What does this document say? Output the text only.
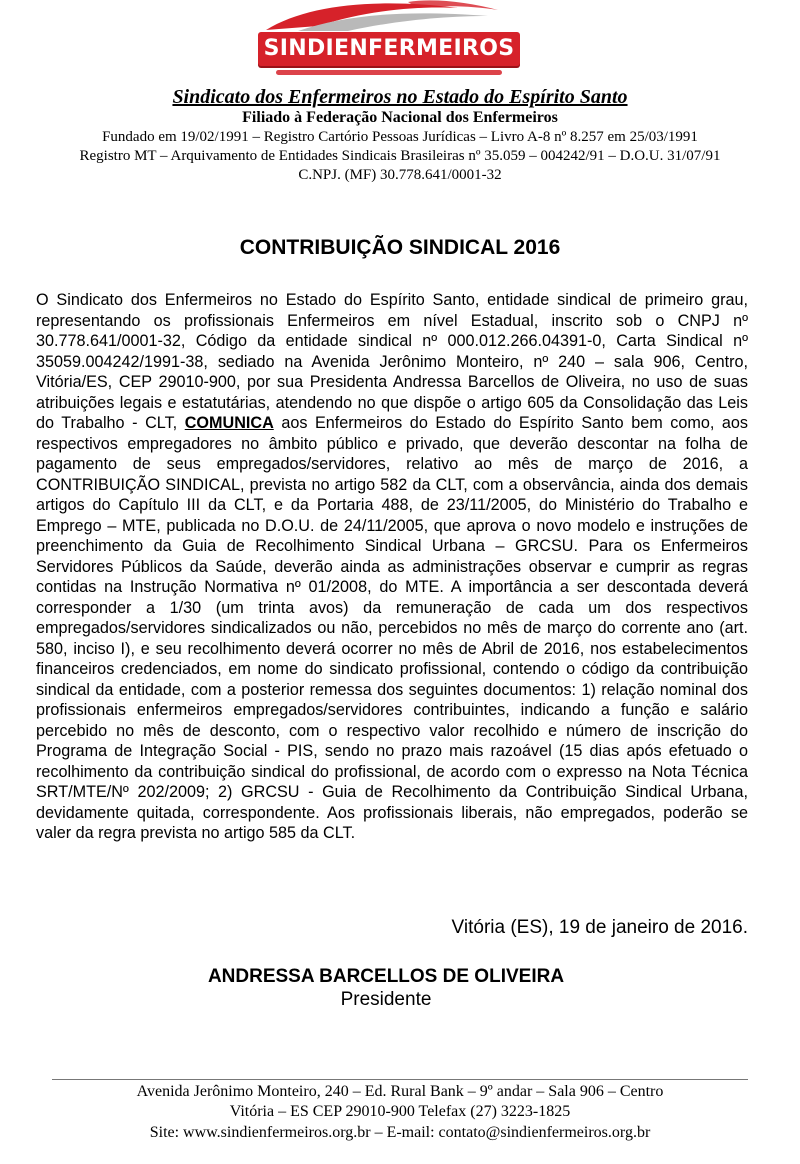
SINDIENFERMEIROS
Sindicato dos Enfermeiros no Estado do Espírito Santo
Filiado à Federação Nacional dos Enfermeiros
Fundado em 19/02/1991 – Registro Cartório Pessoas Jurídicas – Livro A-8 nº 8.257 em 25/03/1991
Registro MT – Arquivamento de Entidades Sindicais Brasileiras nº 35.059 – 004242/91 – D.O.U. 31/07/91
C.NPJ. (MF) 30.778.641/0001-32
CONTRIBUIÇÃO SINDICAL 2016
O Sindicato dos Enfermeiros no Estado do Espírito Santo, entidade sindical de primeiro grau, representando os profissionais Enfermeiros em nível Estadual, inscrito sob o CNPJ nº 30.778.641/0001-32, Código da entidade sindical nº 000.012.266.04391-0, Carta Sindical nº 35059.004242/1991-38, sediado na Avenida Jerônimo Monteiro, nº 240 – sala 906, Centro, Vitória/ES, CEP 29010-900, por sua Presidenta Andressa Barcellos de Oliveira, no uso de suas atribuições legais e estatutárias, atendendo no que dispõe o artigo 605 da Consolidação das Leis do Trabalho - CLT, COMUNICA aos Enfermeiros do Estado do Espírito Santo bem como, aos respectivos empregadores no âmbito público e privado, que deverão descontar na folha de pagamento de seus empregados/servidores, relativo ao mês de março de 2016, a CONTRIBUIÇÃO SINDICAL, prevista no artigo 582 da CLT, com a observância, ainda dos demais artigos do Capítulo III da CLT, e da Portaria 488, de 23/11/2005, do Ministério do Trabalho e Emprego – MTE, publicada no D.O.U. de 24/11/2005, que aprova o novo modelo e instruções de preenchimento da Guia de Recolhimento Sindical Urbana – GRCSU. Para os Enfermeiros Servidores Públicos da Saúde, deverão ainda as administrações observar e cumprir as regras contidas na Instrução Normativa nº 01/2008, do MTE. A importância a ser descontada deverá corresponder a 1/30 (um trinta avos) da remuneração de cada um dos respectivos empregados/servidores sindicalizados ou não, percebidos no mês de março do corrente ano (art. 580, inciso I), e seu recolhimento deverá ocorrer no mês de Abril de 2016, nos estabelecimentos financeiros credenciados, em nome do sindicato profissional, contendo o código da contribuição sindical da entidade, com a posterior remessa dos seguintes documentos: 1) relação nominal dos profissionais enfermeiros empregados/servidores contribuintes, indicando a função e salário percebido no mês de desconto, com o respectivo valor recolhido e número de inscrição do Programa de Integração Social - PIS, sendo no prazo mais razoável (15 dias após efetuado o recolhimento da contribuição sindical do profissional, de acordo com o expresso na Nota Técnica SRT/MTE/Nº 202/2009; 2) GRCSU - Guia de Recolhimento da Contribuição Sindical Urbana, devidamente quitada, correspondente. Aos profissionais liberais, não empregados, poderão se valer da regra prevista no artigo 585 da CLT.
Vitória (ES), 19 de janeiro de 2016.
ANDRESSA BARCELLOS DE OLIVEIRA
Presidente
Avenida Jerônimo Monteiro, 240 – Ed. Rural Bank – 9º andar – Sala 906 – Centro
Vitória – ES CEP 29010-900 Telefax (27) 3223-1825
Site: www.sindienfermeiros.org.br – E-mail: contato@sindienfermeiros.org.br
